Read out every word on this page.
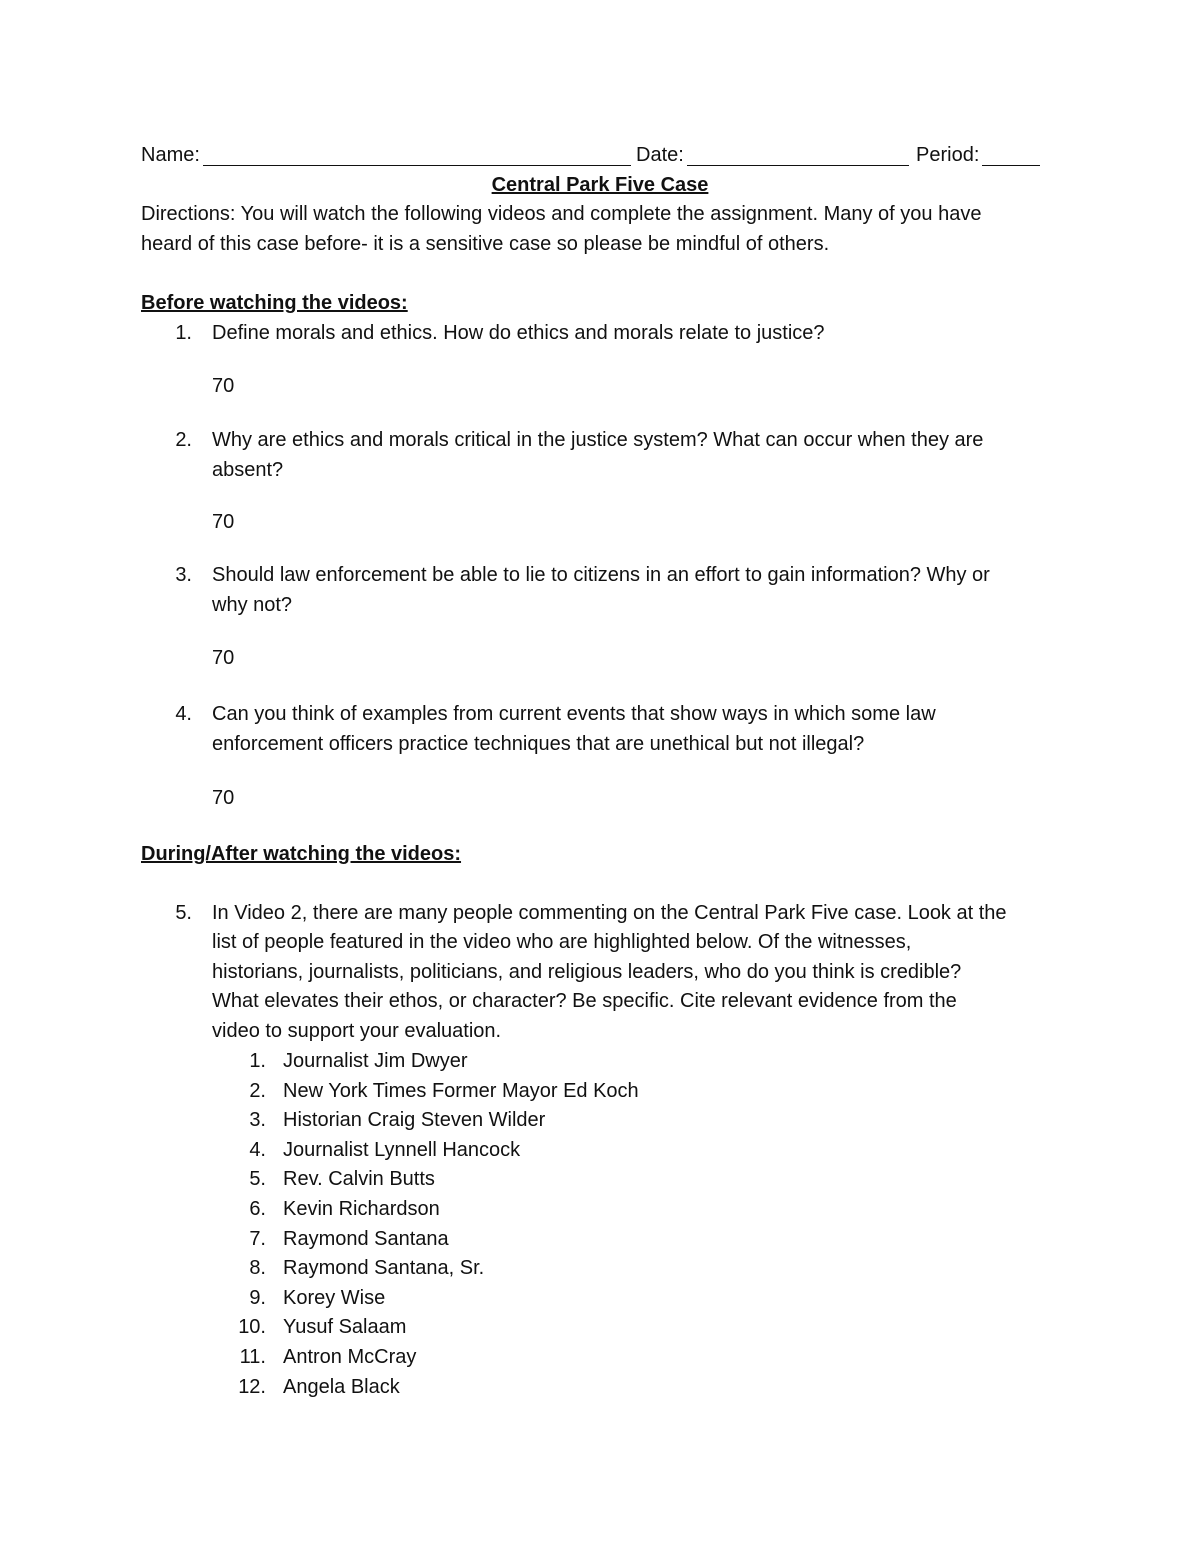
Name:	Date:	Period:
Central Park Five Case
Directions: You will watch the following videos and complete the assignment. Many of you have
heard of this case before- it is a sensitive case so please be mindful of others.
Before watching the videos:
1. Define morals and ethics. How do ethics and morals relate to justice?
70
2. Why are ethics and morals critical in the justice system? What can occur when they are
absent?
70
3. Should law enforcement be able to lie to citizens in an effort to gain information? Why or
why not?
70
4. Can you think of examples from current events that show ways in which some law
enforcement officers practice techniques that are unethical but not illegal?
70
During/After watching the videos:
5. In Video 2, there are many people commenting on the Central Park Five case. Look at the
list of people featured in the video who are highlighted below. Of the witnesses,
historians, journalists, politicians, and religious leaders, who do you think is credible?
What elevates their ethos, or character? Be specific. Cite relevant evidence from the
video to support your evaluation.
1. Journalist Jim Dwyer
2. New York Times Former Mayor Ed Koch
3. Historian Craig Steven Wilder
4. Journalist Lynnell Hancock
5. Rev. Calvin Butts
6. Kevin Richardson
7. Raymond Santana
8. Raymond Santana, Sr.
9. Korey Wise
10. Yusuf Salaam
11. Antron McCray
12. Angela Black
